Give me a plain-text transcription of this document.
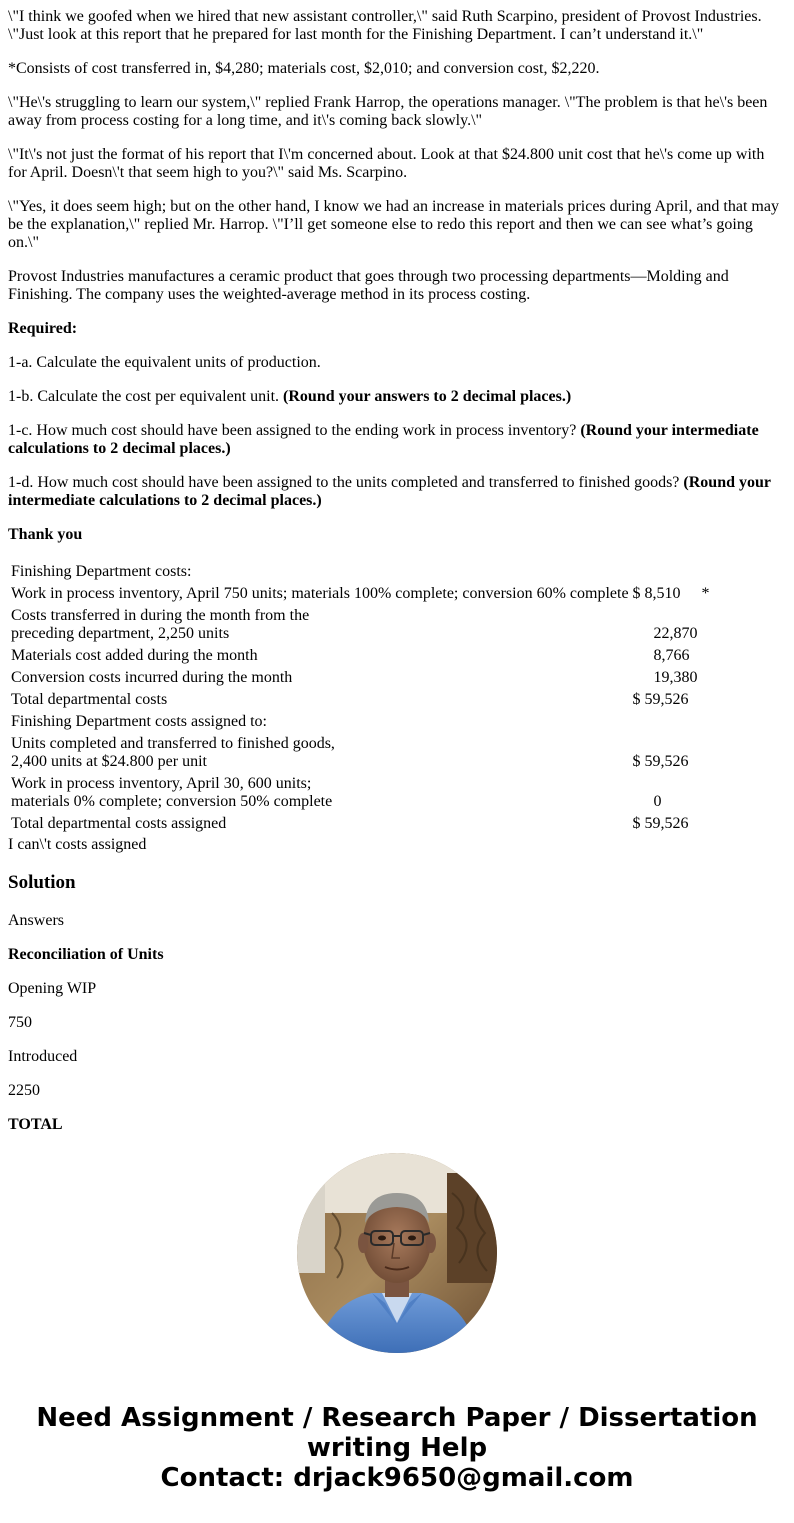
\"I think we goofed when we hired that new assistant controller,\" said Ruth Scarpino, president of Provost Industries. \"Just look at this report that he prepared for last month for the Finishing Department. I can’t understand it.\"

*Consists of cost transferred in, $4,280; materials cost, $2,010; and conversion cost, $2,220.

\"He\'s struggling to learn our system,\" replied Frank Harrop, the operations manager. \"The problem is that he\'s been away from process costing for a long time, and it\'s coming back slowly.\"

\"It\'s not just the format of his report that I\'m concerned about. Look at that $24.800 unit cost that he\'s come up with for April. Doesn\'t that seem high to you?\" said Ms. Scarpino.

\"Yes, it does seem high; but on the other hand, I know we had an increase in materials prices during April, and that may be the explanation,\" replied Mr. Harrop. \"I’ll get someone else to redo this report and then we can see what’s going on.\"

Provost Industries manufactures a ceramic product that goes through two processing departments—Molding and Finishing. The company uses the weighted-average method in its process costing.

Required:

1-a. Calculate the equivalent units of production.

1-b. Calculate the cost per equivalent unit. (Round your answers to 2 decimal places.)

1-c. How much cost should have been assigned to the ending work in process inventory? (Round your intermediate calculations to 2 decimal places.)

1-d. How much cost should have been assigned to the units completed and transferred to finished goods? (Round your intermediate calculations to 2 decimal places.)

Thank you

Finishing Department costs:			
Work in process inventory, April 750 units; materials 100% complete; conversion 60% complete	$	8,510	*
Costs transferred in during the month from the
preceding department, 2,250 units		22,870	
Materials cost added during the month		8,766	
Conversion costs incurred during the month		19,380	
Total departmental costs	$	59,526	
Finishing Department costs assigned to:			
Units completed and transferred to finished goods,
2,400 units at $24.800 per unit	$	59,526	
Work in process inventory, April 30, 600 units;
materials 0% complete; conversion 50% complete		0	
Total departmental costs assigned	$	59,526	
I can\'t costs assigned
Solution

Answers

Reconciliation of Units

Opening WIP

750

Introduced

2250

TOTAL

Need Assignment / Research Paper / Dissertation
writing Help
Contact: drjack9650@gmail.com
